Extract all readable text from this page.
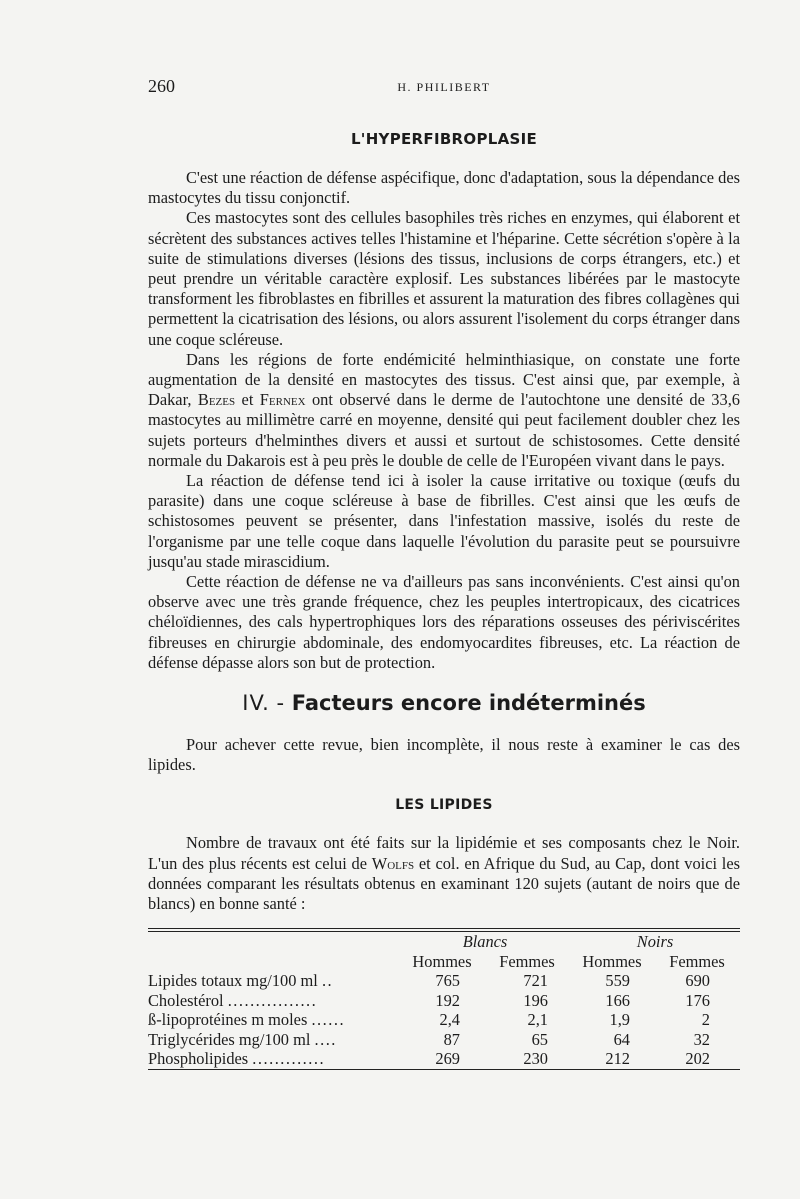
260	H. PHILIBERT
L'HYPERFIBROPLASIE

C'est une réaction de défense aspécifique, donc d'adaptation, sous la dépendance des mastocytes du tissu conjonctif.

Ces mastocytes sont des cellules basophiles très riches en enzymes, qui élaborent et sécrètent des substances actives telles l'histamine et l'héparine. Cette sécrétion s'opère à la suite de stimulations diverses (lésions des tissus, inclusions de corps étrangers, etc.) et peut prendre un véritable caractère explosif. Les substances libérées par le mastocyte transforment les fibroblastes en fibrilles et assurent la maturation des fibres collagènes qui permettent la cicatrisation des lésions, ou alors assurent l'isolement du corps étranger dans une coque scléreuse.

Dans les régions de forte endémicité helminthiasique, on constate une forte augmentation de la densité en mastocytes des tissus. C'est ainsi que, par exemple, à Dakar, Bezes et Fernex ont observé dans le derme de l'autochtone une densité de 33,6 mastocytes au millimètre carré en moyenne, densité qui peut facilement doubler chez les sujets porteurs d'helminthes divers et aussi et surtout de schistosomes. Cette densité normale du Dakarois est à peu près le double de celle de l'Européen vivant dans le pays.

La réaction de défense tend ici à isoler la cause irritative ou toxique (œufs du parasite) dans une coque scléreuse à base de fibrilles. C'est ainsi que les œufs de schistosomes peuvent se présenter, dans l'infestation massive, isolés du reste de l'organisme par une telle coque dans laquelle l'évolution du parasite peut se poursuivre jusqu'au stade mirascidium.

Cette réaction de défense ne va d'ailleurs pas sans inconvénients. C'est ainsi qu'on observe avec une très grande fréquence, chez les peuples intertropicaux, des cicatrices chéloïdiennes, des cals hypertrophiques lors des réparations osseuses des périviscérites fibreuses en chirurgie abdominale, des endomyocardites fibreuses, etc. La réaction de défense dépasse alors son but de protection.

IV. - Facteurs encore indéterminés

Pour achever cette revue, bien incomplète, il nous reste à examiner le cas des lipides.

LES LIPIDES

Nombre de travaux ont été faits sur la lipidémie et ses composants chez le Noir. L'un des plus récents est celui de Wolfs et col. en Afrique du Sud, au Cap, dont voici les données comparant les résultats obtenus en examinant 120 sujets (autant de noirs que de blancs) en bonne santé :

	Blancs		Noirs	
	Hommes	Femmes	Hommes	Femmes
Lipides totaux mg/100 ml ..	765	721	559	690
Cholestérol ................	192	196	166	176
ß-lipoprotéines m moles ......	2,4	2,1	1,9	2
Triglycérides mg/100 ml ....	87	65	64	32
Phospholipides .............	269	230	212	202
